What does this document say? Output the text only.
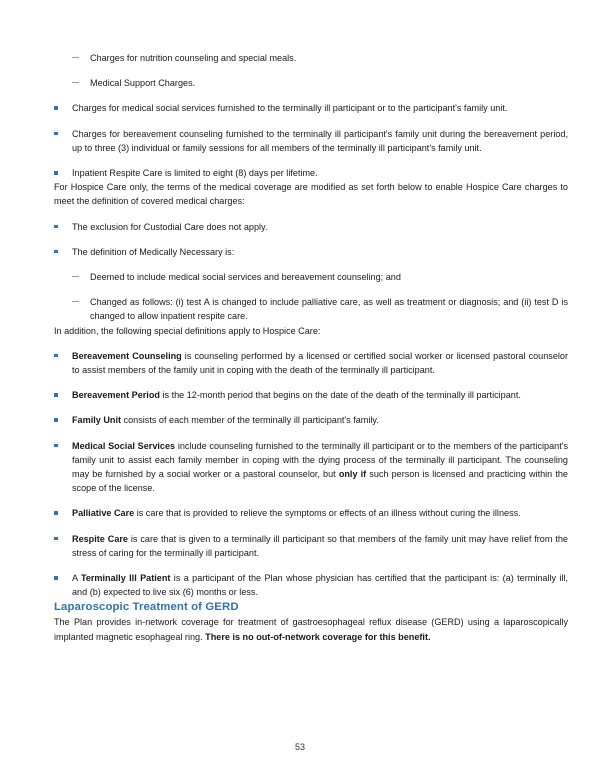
Charges for nutrition counseling and special meals.
Medical Support Charges.
Charges for medical social services furnished to the terminally ill participant or to the participant's family unit.
Charges for bereavement counseling furnished to the terminally ill participant's family unit during the bereavement period, up to three (3) individual or family sessions for all members of the terminally ill participant's family unit.
Inpatient Respite Care is limited to eight (8) days per lifetime.

For Hospice Care only, the terms of the medical coverage are modified as set forth below to enable Hospice Care charges to meet the definition of covered medical charges:

The exclusion for Custodial Care does not apply.
The definition of Medically Necessary is:
Deemed to include medical social services and bereavement counseling; and
Changed as follows: (i) test A is changed to include palliative care, as well as treatment or diagnosis; and (ii) test D is changed to allow inpatient respite care.

In addition, the following special definitions apply to Hospice Care:

Bereavement Counseling is counseling performed by a licensed or certified social worker or licensed pastoral counselor to assist members of the family unit in coping with the death of the terminally ill participant.
Bereavement Period is the 12-month period that begins on the date of the death of the terminally ill participant.
Family Unit consists of each member of the terminally ill participant's family.
Medical Social Services include counseling furnished to the terminally ill participant or to the members of the participant's family unit to assist each family member in coping with the dying process of the terminally ill participant. The counseling may be furnished by a social worker or a pastoral counselor, but only if such person is licensed and practicing within the scope of the license.
Palliative Care is care that is provided to relieve the symptoms or effects of an illness without curing the illness.
Respite Care is care that is given to a terminally ill participant so that members of the family unit may have relief from the stress of caring for the terminally ill participant.
A Terminally Ill Patient is a participant of the Plan whose physician has certified that the participant is: (a) terminally ill, and (b) expected to live six (6) months or less.
Laparoscopic Treatment of GERD

The Plan provides in-network coverage for treatment of gastroesophageal reflux disease (GERD) using a laparoscopically implanted magnetic esophageal ring. There is no out-of-network coverage for this benefit.

53
